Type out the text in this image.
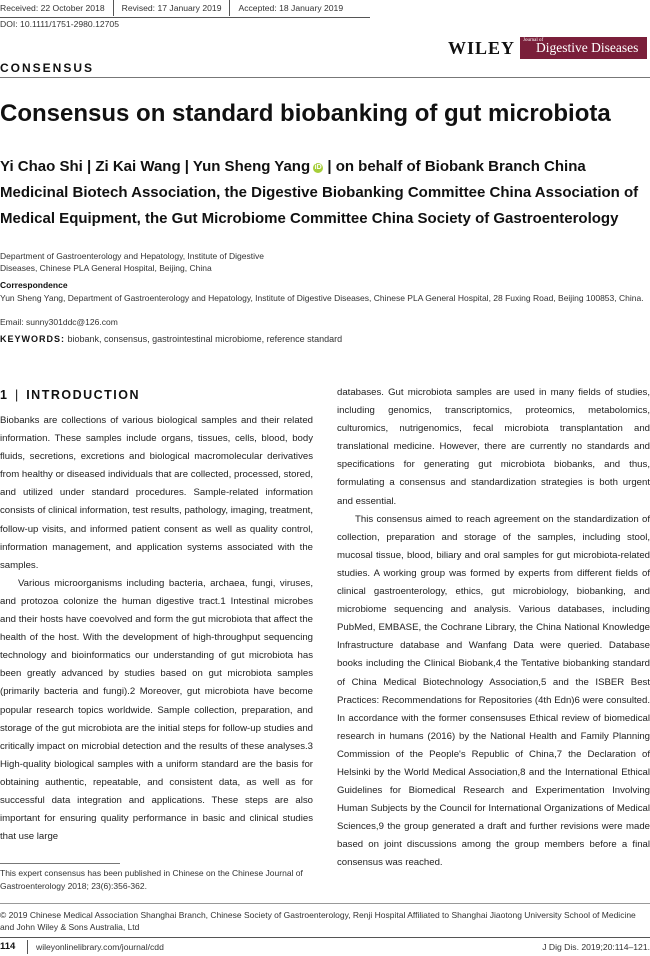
Received: 22 October 2018	Revised: 17 January 2019	Accepted: 18 January 2019
DOI: 10.1111/1751-2980.12705
WILEY Journal of
Digestive Diseases
CONSENSUS
Consensus on standard biobanking of gut microbiota
Yi Chao Shi | Zi Kai Wang | Yun Sheng Yang iD | on behalf of Biobank Branch China Medicinal Biotech Association, the Digestive Biobanking Committee China Association of Medical Equipment, the Gut Microbiome Committee China Society of Gastroenterology
Department of Gastroenterology and Hepatology, Institute of Digestive Diseases, Chinese PLA General Hospital, Beijing, China
Correspondence
Yun Sheng Yang, Department of Gastroenterology and Hepatology, Institute of Digestive Diseases, Chinese PLA General Hospital, 28 Fuxing Road, Beijing 100853, China.
Email: sunny301ddc@126.com
KEYWORDS: biobank, consensus, gastrointestinal microbiome, reference standard
1 | INTRODUCTION

Biobanks are collections of various biological samples and their related information. These samples include organs, tissues, cells, blood, body fluids, secretions, excretions and biological macromolecular derivatives from healthy or diseased individuals that are collected, processed, stored, and utilized under standard procedures. Sample-related information consists of clinical information, test results, pathology, imaging, treatment, follow-up visits, and informed patient consent as well as quality control, information management, and application systems associated with the samples.

Various microorganisms including bacteria, archaea, fungi, viruses, and protozoa colonize the human digestive tract.1 Intestinal microbes and their hosts have coevolved and form the gut microbiota that affect the health of the host. With the development of high-throughput sequencing technology and bioinformatics our understanding of gut microbiota has been greatly advanced by studies based on gut microbiota samples (primarily bacteria and fungi).2 Moreover, gut microbiota have become popular research topics worldwide. Sample collection, preparation, and storage of the gut microbiota are the initial steps for follow-up studies and critically impact on microbial detection and the results of these analyses.3 High-quality biological samples with a uniform standard are the basis for obtaining authentic, repeatable, and consistent data, as well as for successful data integration and applications. These steps are also important for ensuring quality performance in basic and clinical studies that use large

databases. Gut microbiota samples are used in many fields of studies, including genomics, transcriptomics, proteomics, metabolomics, culturomics, nutrigenomics, fecal microbiota transplantation and translational medicine. However, there are currently no standards and specifications for generating gut microbiota biobanks, and thus, formulating a consensus and standardization strategies is both urgent and essential.

This consensus aimed to reach agreement on the standardization of collection, preparation and storage of the samples, including stool, mucosal tissue, blood, biliary and oral samples for gut microbiota-related studies. A working group was formed by experts from different fields of clinical gastroenterology, ethics, gut microbiology, biobanking, and microbiome sequencing and analysis. Various databases, including PubMed, EMBASE, the Cochrane Library, the China National Knowledge Infrastructure database and Wanfang Data were queried. Database books including the Clinical Biobank,4 the Tentative biobanking standard of China Medical Biotechnology Association,5 and the ISBER Best Practices: Recommendations for Repositories (4th Edn)6 were consulted. In accordance with the former consensuses Ethical review of biomedical research in humans (2016) by the National Health and Family Planning Commission of the People's Republic of China,7 the Declaration of Helsinki by the World Medical Association,8 and the International Ethical Guidelines for Biomedical Research and Experimentation Involving Human Subjects by the Council for International Organizations of Medical Sciences,9 the group generated a draft and further revisions were made based on joint discussions among the group members before a final consensus was reached.

This expert consensus has been published in Chinese on the Chinese Journal of Gastroenterology 2018; 23(6):356-362.
© 2019 Chinese Medical Association Shanghai Branch, Chinese Society of Gastroenterology, Renji Hospital Affiliated to Shanghai Jiaotong University School of Medicine and John Wiley & Sons Australia, Ltd
114 wileyonlinelibrary.com/journal/cdd	J Dig Dis. 2019;20:114–121.
